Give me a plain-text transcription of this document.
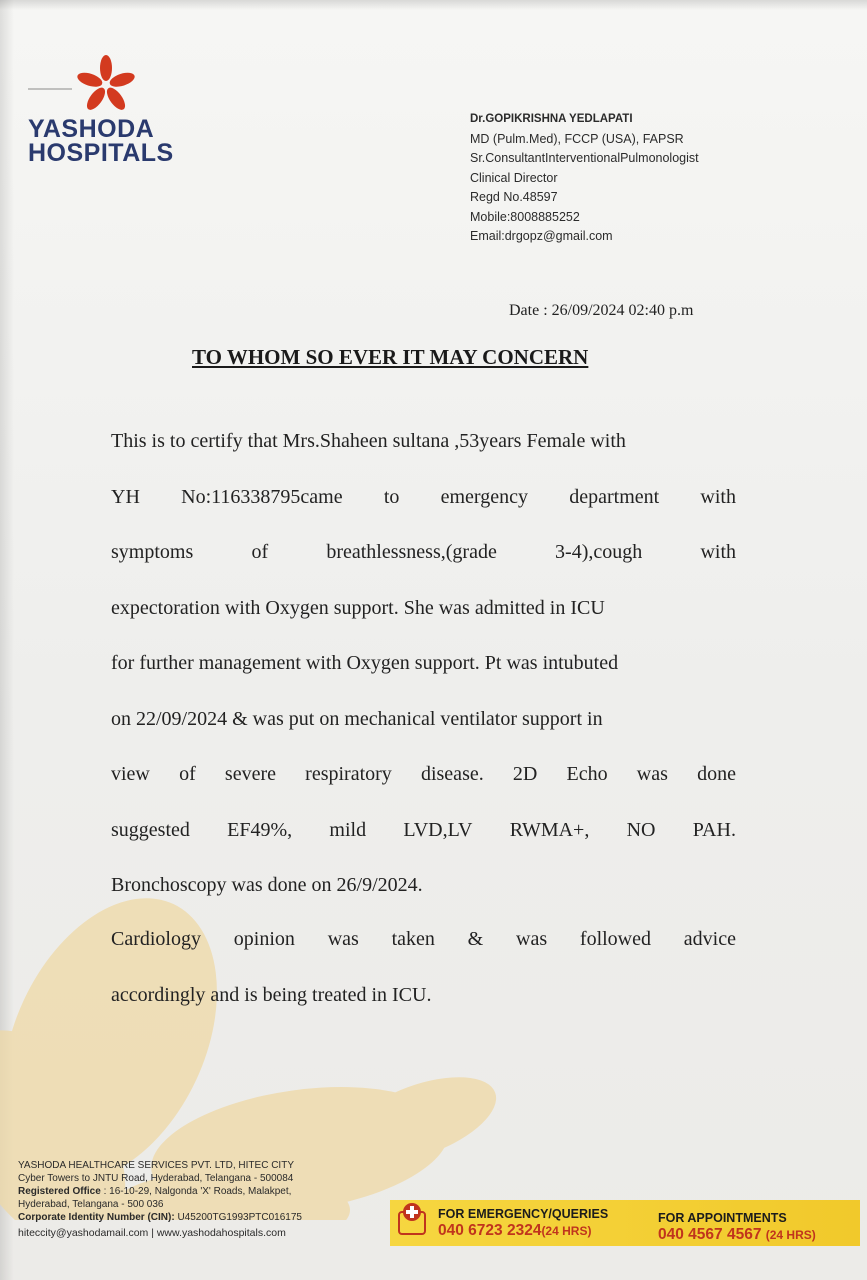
YASHODA
HOSPITALS
Dr.GOPIKRISHNA YEDLAPATI
MD (Pulm.Med), FCCP (USA), FAPSR
Sr.ConsultantInterventionalPulmonologist
Clinical Director
Regd No.48597
Mobile:8008885252
Email:drgopz@gmail.com
Date : 26/09/2024 02:40 p.m
TO WHOM SO EVER IT MAY CONCERN
This is to certify that Mrs.Shaheen sultana ,53years Female with
YH No:116338795came to emergency department with
symptoms	of	breathlessness,(grade	3-4),cough	with
expectoration with Oxygen support. She was admitted in ICU
for further management with Oxygen support. Pt was intubuted
on 22/09/2024 & was put on mechanical ventilator support in
view of severe respiratory disease. 2D Echo was done
suggested EF49%, mild LVD,LV RWMA+, NO PAH.
Bronchoscopy was done on 26/9/2024.
Cardiology opinion was taken & was followed advice
accordingly and is being treated in ICU.
YASHODA HEALTHCARE SERVICES PVT. LTD, HITEC CITY
Cyber Towers to JNTU Road, Hyderabad, Telangana - 500084
Registered Office : 16-10-29, Nalgonda 'X' Roads, Malakpet,
Hyderabad, Telangana - 500 036
Corporate Identity Number (CIN): U45200TG1993PTC016175
hiteccity@yashodamail.com | www.yashodahospitals.com
FOR EMERGENCY/QUERIES
040 6723 2324(24 HRS)
FOR APPOINTMENTS
040 4567 4567 (24 HRS)
